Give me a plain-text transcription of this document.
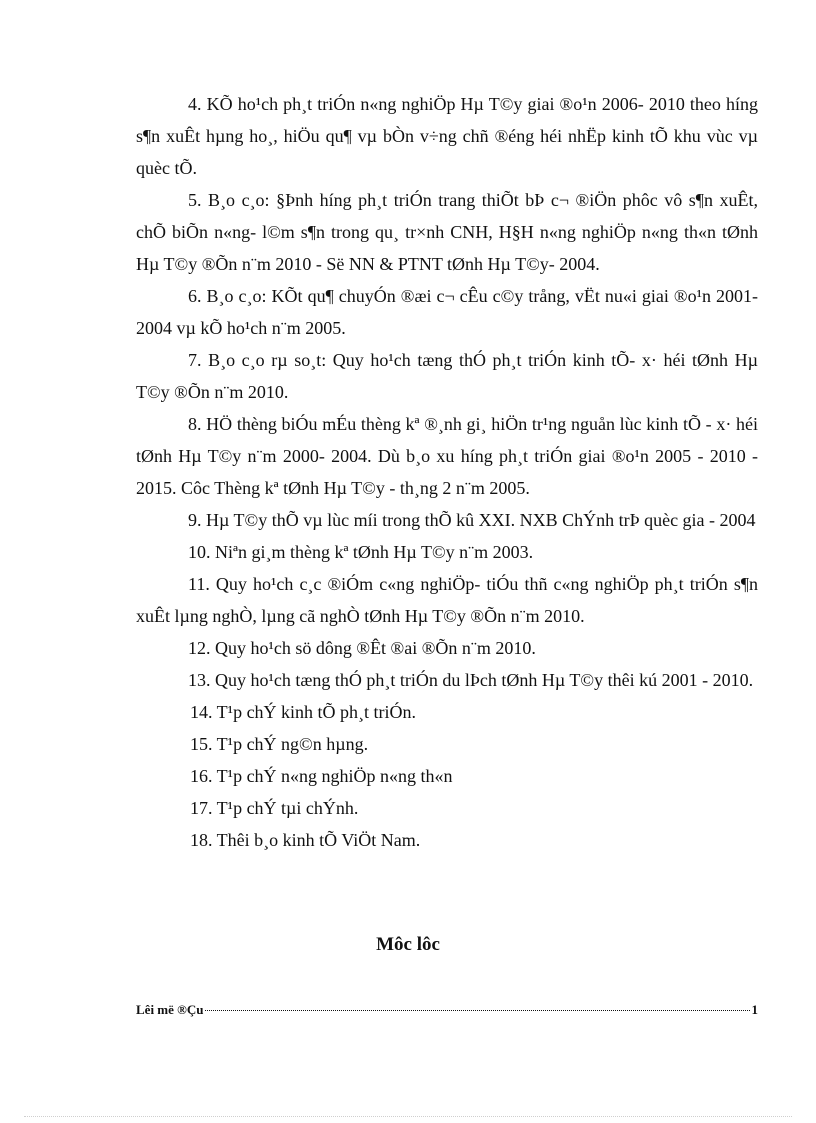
4. KÕ ho¹ch ph¸t triÓn n«ng nghiÖp Hµ T©y giai ®o¹n 2006- 2010 theo híng s¶n xuÊt hµng ho¸, hiÖu qu¶ vµ bÒn v÷ng chñ ®éng héi nhËp kinh tÕ khu vùc vµ quèc tÕ.
5. B¸o c¸o: §Þnh híng ph¸t triÓn trang thiÕt bÞ c¬ ®iÖn phôc vô s¶n xuÊt, chÕ biÕn n«ng- l©m s¶n trong qu¸ tr×nh CNH, H§H n«ng nghiÖp n«ng th«n tØnh Hµ T©y ®Õn n¨m 2010 - Së NN & PTNT tØnh Hµ T©y- 2004.
6. B¸o c¸o: KÕt qu¶ chuyÓn ®æi c¬ cÊu c©y trång, vËt nu«i giai ®o¹n 2001- 2004 vµ kÕ ho¹ch n¨m 2005.
7. B¸o c¸o rµ so¸t: Quy ho¹ch tæng thÓ ph¸t triÓn kinh tÕ- x· héi tØnh Hµ T©y ®Õn n¨m 2010.
8. HÖ thèng biÓu mÉu thèng kª ®¸nh gi¸ hiÖn tr¹ng nguån lùc kinh tÕ - x· héi tØnh Hµ T©y n¨m 2000- 2004. Dù b¸o xu híng ph¸t triÓn giai ®o¹n 2005 - 2010 - 2015. Côc Thèng kª tØnh Hµ T©y - th¸ng 2 n¨m 2005.
9. Hµ T©y thÕ vµ lùc míi trong thÕ kû XXI. NXB ChÝnh trÞ quèc gia - 2004
10. Niªn gi¸m thèng kª tØnh Hµ T©y n¨m 2003.
11. Quy ho¹ch c¸c ®iÓm c«ng nghiÖp- tiÓu thñ c«ng nghiÖp ph¸t triÓn s¶n xuÊt lµng nghÒ, lµng cã nghÒ tØnh Hµ T©y ®Õn n¨m 2010.
12. Quy ho¹ch sö dông ®Êt ®ai ®Õn n¨m 2010.
13. Quy ho¹ch tæng thÓ ph¸t triÓn du lÞch tØnh Hµ T©y thêi kú 2001 - 2010.
14. T¹p chÝ kinh tÕ ph¸t triÓn.
15. T¹p chÝ ng©n hµng.
16. T¹p chÝ n«ng nghiÖp n«ng th«n
17. T¹p chÝ tµi chÝnh.
18. Thêi b¸o kinh tÕ ViÖt Nam.
Môc lôc
Lêi më ®Çu	1
